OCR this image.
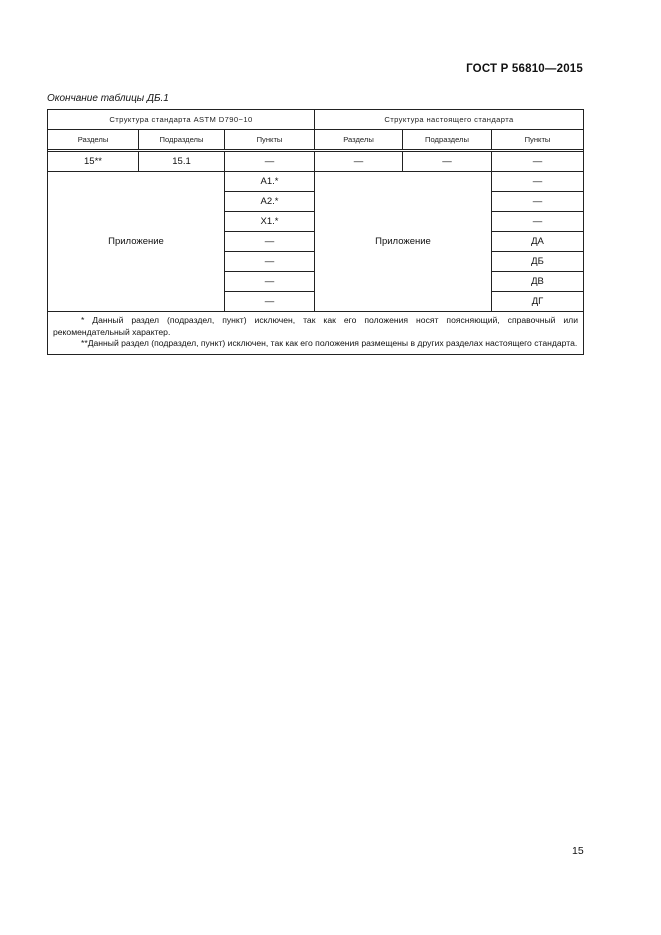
ГОСТ Р 56810—2015
Окончание таблицы ДБ.1
Структура стандарта ASTM D790−10			Структура настоящего стандарта		
Разделы	Подразделы	Пункты	Разделы	Подразделы	Пункты

15**	15.1	—	—	—	—
Приложение		A1.*	Приложение		—
		A2.*			—
		X1.*			—
		—			ДА
		—			ДБ
		—			ДВ
		—			ДГ

* Данный раздел (подраздел, пункт) исключен, так как его положения носят поясняющий, справочный или рекомендательный характер.

**Данный раздел (подраздел, пункт) исключен, так как его положения размещены в других разделах настоящего стандарта.					

15
